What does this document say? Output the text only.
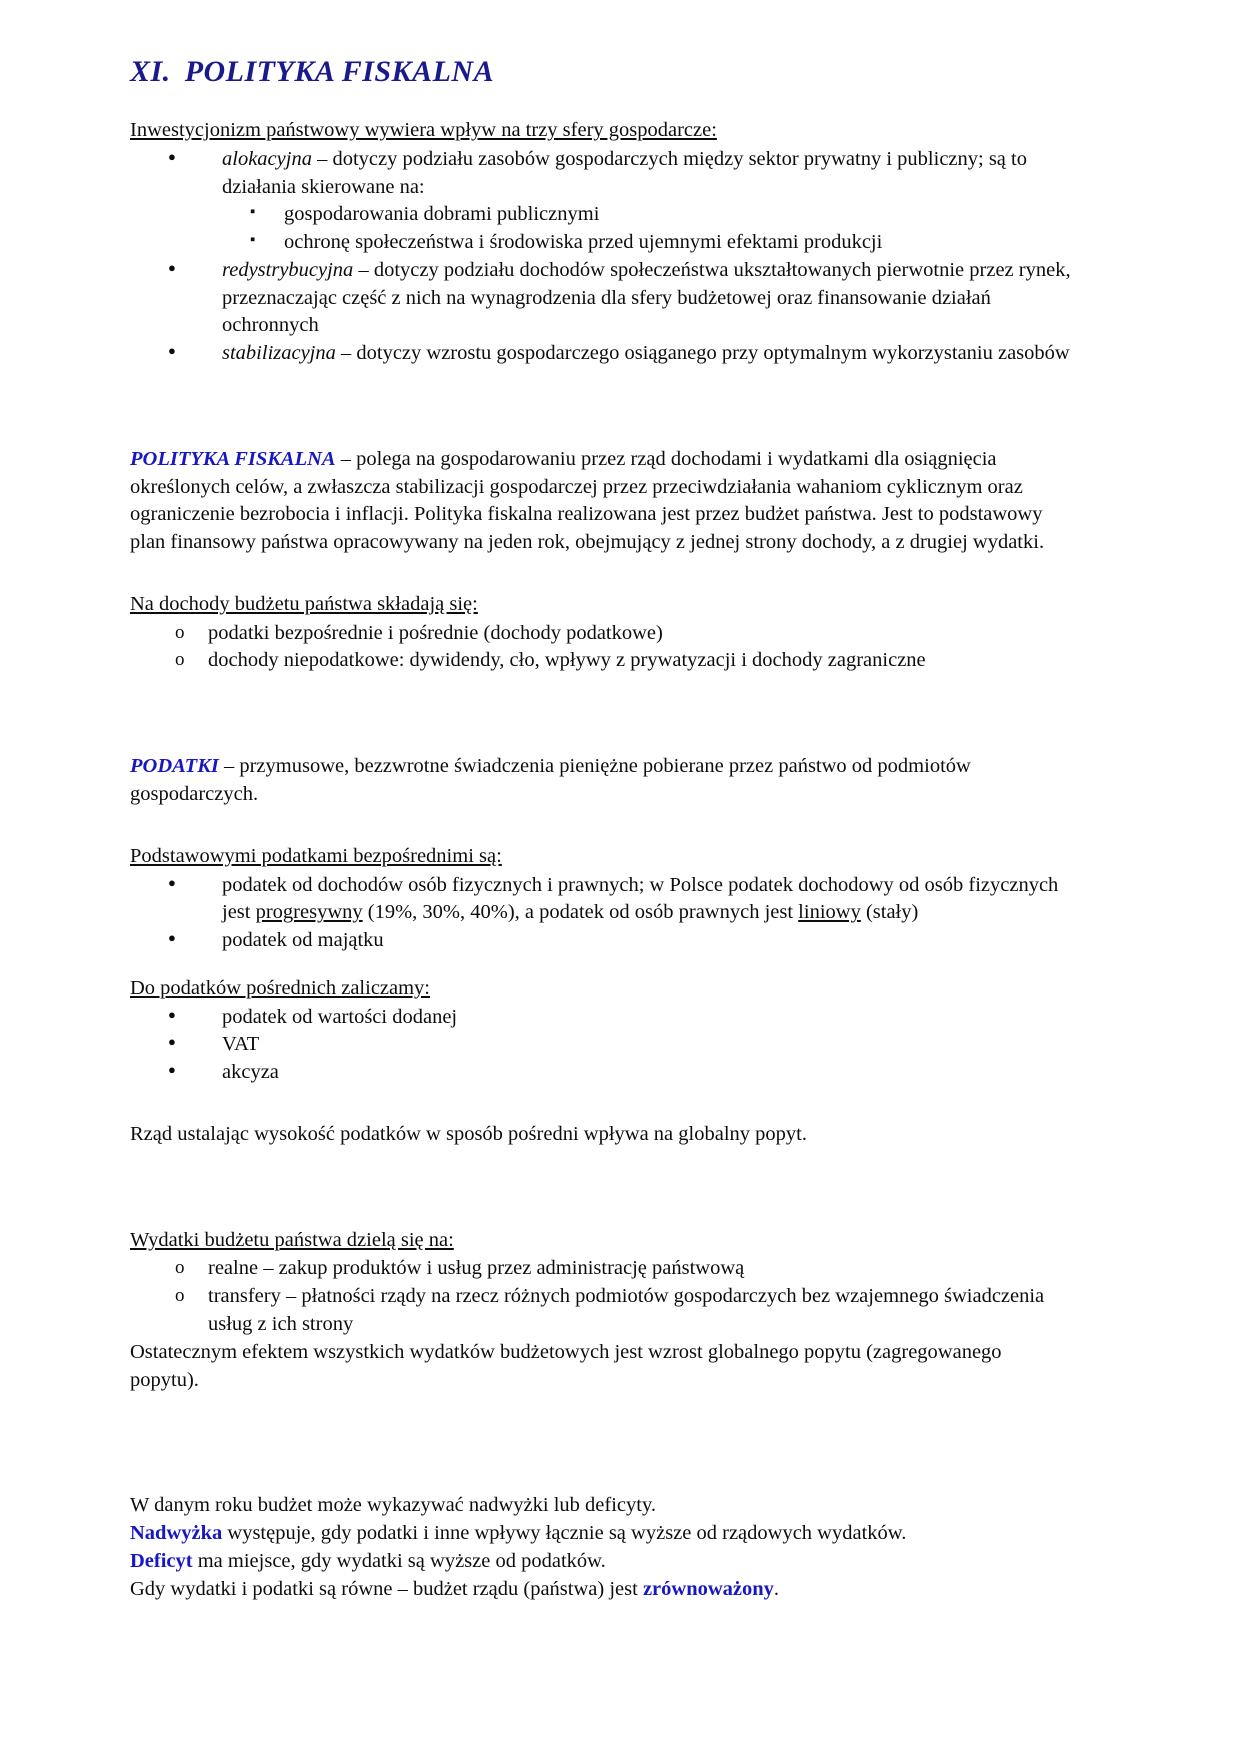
XI. POLITYKA FISKALNA

Inwestycjonizm państwowy wywiera wpływ na trzy sfery gospodarcze:

● alokacyjna – dotyczy podziału zasobów gospodarczych między sektor prywatny i publiczny; są to działania skierowane na:
▪ gospodarowania dobrami publicznymi
▪ ochronę społeczeństwa i środowiska przed ujemnymi efektami produkcji
● redystrybucyjna – dotyczy podziału dochodów społeczeństwa ukształtowanych pierwotnie przez rynek, przeznaczając część z nich na wynagrodzenia dla sfery budżetowej oraz finansowanie działań ochronnych
● stabilizacyjna – dotyczy wzrostu gospodarczego osiąganego przy optymalnym wykorzystaniu zasobów

POLITYKA FISKALNA – polega na gospodarowaniu przez rząd dochodami i wydatkami dla osiągnięcia określonych celów, a zwłaszcza stabilizacji gospodarczej przez przeciwdziałania wahaniom cyklicznym oraz ograniczenie bezrobocia i inflacji. Polityka fiskalna realizowana jest przez budżet państwa. Jest to podstawowy plan finansowy państwa opracowywany na jeden rok, obejmujący z jednej strony dochody, a z drugiej wydatki.

Na dochody budżetu państwa składają się:

o podatki bezpośrednie i pośrednie (dochody podatkowe)
o dochody niepodatkowe: dywidendy, cło, wpływy z prywatyzacji i dochody zagraniczne

PODATKI – przymusowe, bezzwrotne świadczenia pieniężne pobierane przez państwo od podmiotów gospodarczych.

Podstawowymi podatkami bezpośrednimi są:

● podatek od dochodów osób fizycznych i prawnych; w Polsce podatek dochodowy od osób fizycznych jest progresywny (19%, 30%, 40%), a podatek od osób prawnych jest liniowy (stały)
● podatek od majątku

Do podatków pośrednich zaliczamy:

● podatek od wartości dodanej
● VAT
● akcyza

Rząd ustalając wysokość podatków w sposób pośredni wpływa na globalny popyt.

Wydatki budżetu państwa dzielą się na:

o realne – zakup produktów i usług przez administrację państwową
o transfery – płatności rządy na rzecz różnych podmiotów gospodarczych bez wzajemnego świadczenia usług z ich strony

Ostatecznym efektem wszystkich wydatków budżetowych jest wzrost globalnego popytu (zagregowanego popytu).

W danym roku budżet może wykazywać nadwyżki lub deficyty.

Nadwyżka występuje, gdy podatki i inne wpływy łącznie są wyższe od rządowych wydatków.

Deficyt ma miejsce, gdy wydatki są wyższe od podatków.

Gdy wydatki i podatki są równe – budżet rządu (państwa) jest zrównoważony.
